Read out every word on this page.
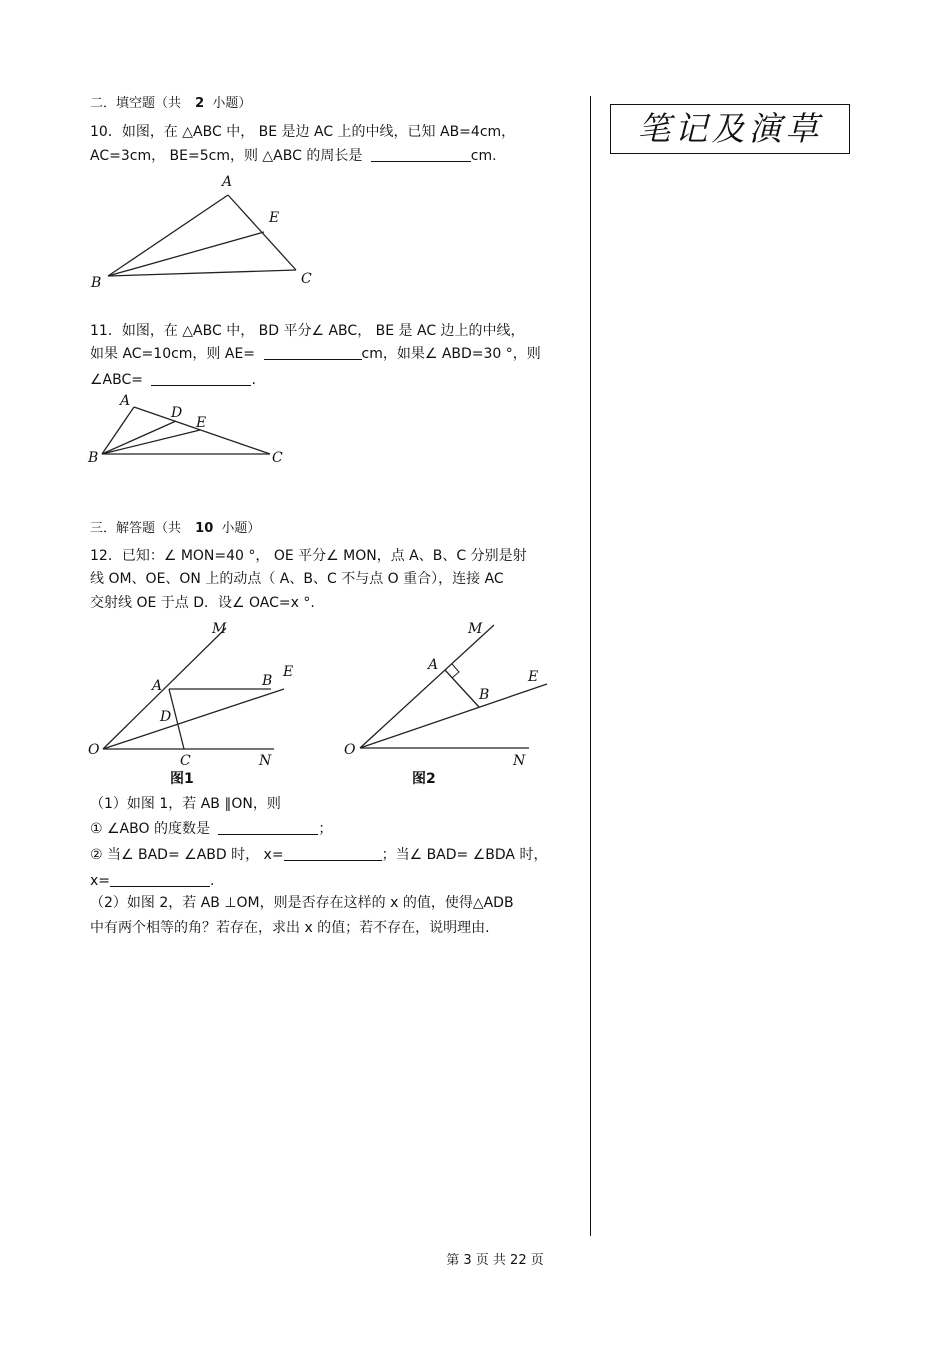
二．填空题（共 2 小题）
10．如图，在 △ABC 中， BE 是边 AC 上的中线，已知 AB=4cm，
AC=3cm， BE=5cm，则 △ABC 的周长是	cm.
A
E
B	C
11．如图，在 △ABC 中， BD 平分∠ ABC， BE 是 AC 边上的中线，
如果 AC=10cm，则 AE=	cm，如果∠ ABD=30 °，则
∠ABC=	.
A
D
E
B	C
三．解答题（共 10 小题）
12．已知：∠ MON=40 °， OE 平分∠ MON，点 A、B、C 分别是射
线 OM、OE、ON 上的动点（ A、B、C 不与点 O 重合），连接 AC
交射线 OE 于点 D．设∠ OAC=x °.
M
E
A	B
D
O
C	N
图1
M
A
E
B
O
N
图2
（1）如图 1，若 AB ∥ON，则
① ∠ABO 的度数是	；
② 当∠ BAD= ∠ABD 时， x=	；当∠ BAD= ∠BDA 时，
x=	.
（2）如图 2，若 AB ⊥OM，则是否存在这样的 x 的值，使得△ADB
中有两个相等的角？若存在，求出 x 的值；若不存在，说明理由.
笔记及演草
第 3 页 共 22 页
